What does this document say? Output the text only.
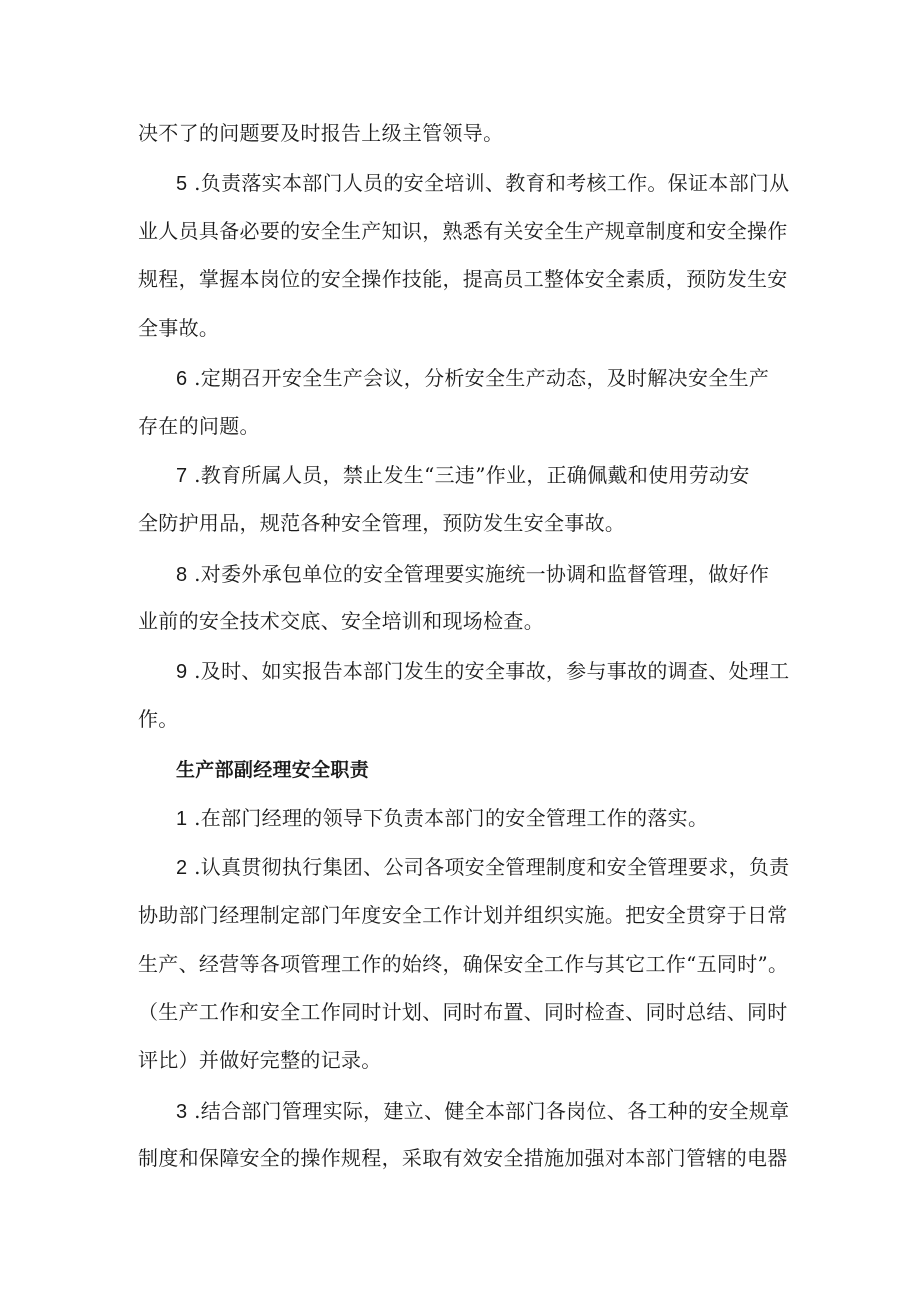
决不了的问题要及时报告上级主管领导。
5 .负责落实本部门人员的安全培训、教育和考核工作。保证本部门从
业人员具备必要的安全生产知识，熟悉有关安全生产规章制度和安全操作
规程，掌握本岗位的安全操作技能，提高员工整体安全素质，预防发生安
全事故。
6 .定期召开安全生产会议，分析安全生产动态，及时解决安全生产
存在的问题。
7 .教育所属人员，禁止发生“三违”作业，正确佩戴和使用劳动安
全防护用品，规范各种安全管理，预防发生安全事故。
8 .对委外承包单位的安全管理要实施统一协调和监督管理，做好作
业前的安全技术交底、安全培训和现场检查。
9 .及时、如实报告本部门发生的安全事故，参与事故的调查、处理工
作。
生产部副经理安全职责
1 .在部门经理的领导下负责本部门的安全管理工作的落实。
2 .认真贯彻执行集团、公司各项安全管理制度和安全管理要求，负责
协助部门经理制定部门年度安全工作计划并组织实施。把安全贯穿于日常
生产、经营等各项管理工作的始终，确保安全工作与其它工作“五同时”。
（生产工作和安全工作同时计划、同时布置、同时检查、同时总结、同时
评比）并做好完整的记录。
3 .结合部门管理实际，建立、健全本部门各岗位、各工种的安全规章
制度和保障安全的操作规程，采取有效安全措施加强对本部门管辖的电器
